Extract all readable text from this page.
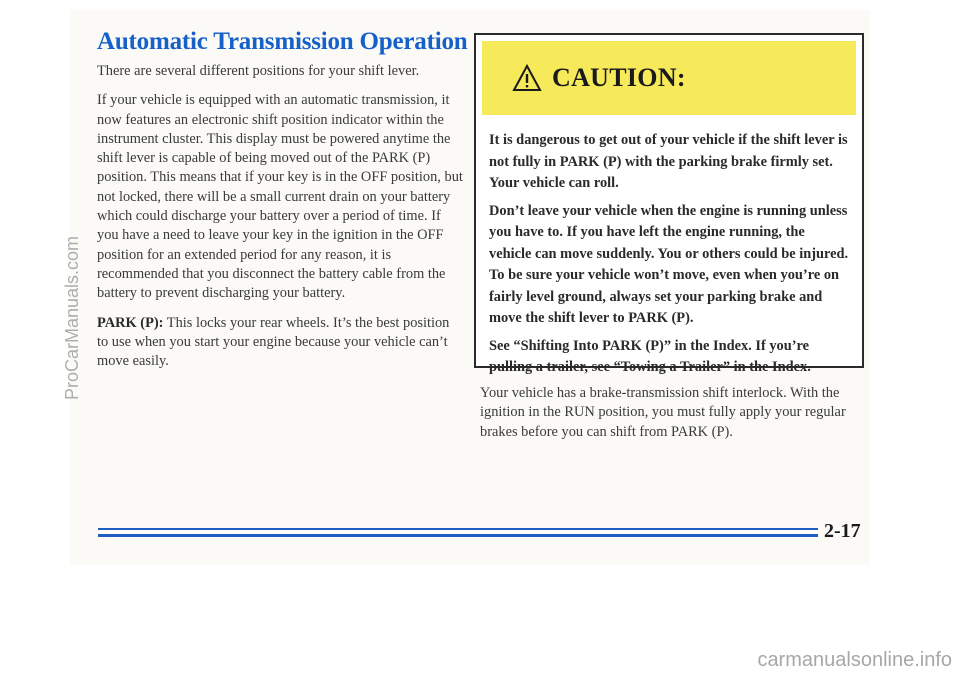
Automatic Transmission Operation

There are several different positions for your shift lever.

If your vehicle is equipped with an automatic transmission, it now features an electronic shift position indicator within the instrument cluster. This display must be powered anytime the shift lever is capable of being moved out of the PARK (P) position. This means that if your key is in the OFF position, but not locked, there will be a small current drain on your battery which could discharge your battery over a period of time. If you have a need to leave your key in the ignition in the OFF position for an extended period for any reason, it is recommended that you disconnect the battery cable from the battery to prevent discharging your battery.

PARK (P): This locks your rear wheels. It’s the best position to use when you start your engine because your vehicle can’t move easily.

CAUTION:

It is dangerous to get out of your vehicle if the shift lever is not fully in PARK (P) with the parking brake firmly set. Your vehicle can roll.

Don’t leave your vehicle when the engine is running unless you have to. If you have left the engine running, the vehicle can move suddenly. You or others could be injured. To be sure your vehicle won’t move, even when you’re on fairly level ground, always set your parking brake and move the shift lever to PARK (P).

See “Shifting Into PARK (P)” in the Index. If you’re pulling a trailer, see “Towing a Trailer” in the Index.

Your vehicle has a brake-transmission shift interlock. With the ignition in the RUN position, you must fully apply your regular brakes before you can shift from PARK (P).

2-17
ProCarManuals.com
carmanualsonline.info
